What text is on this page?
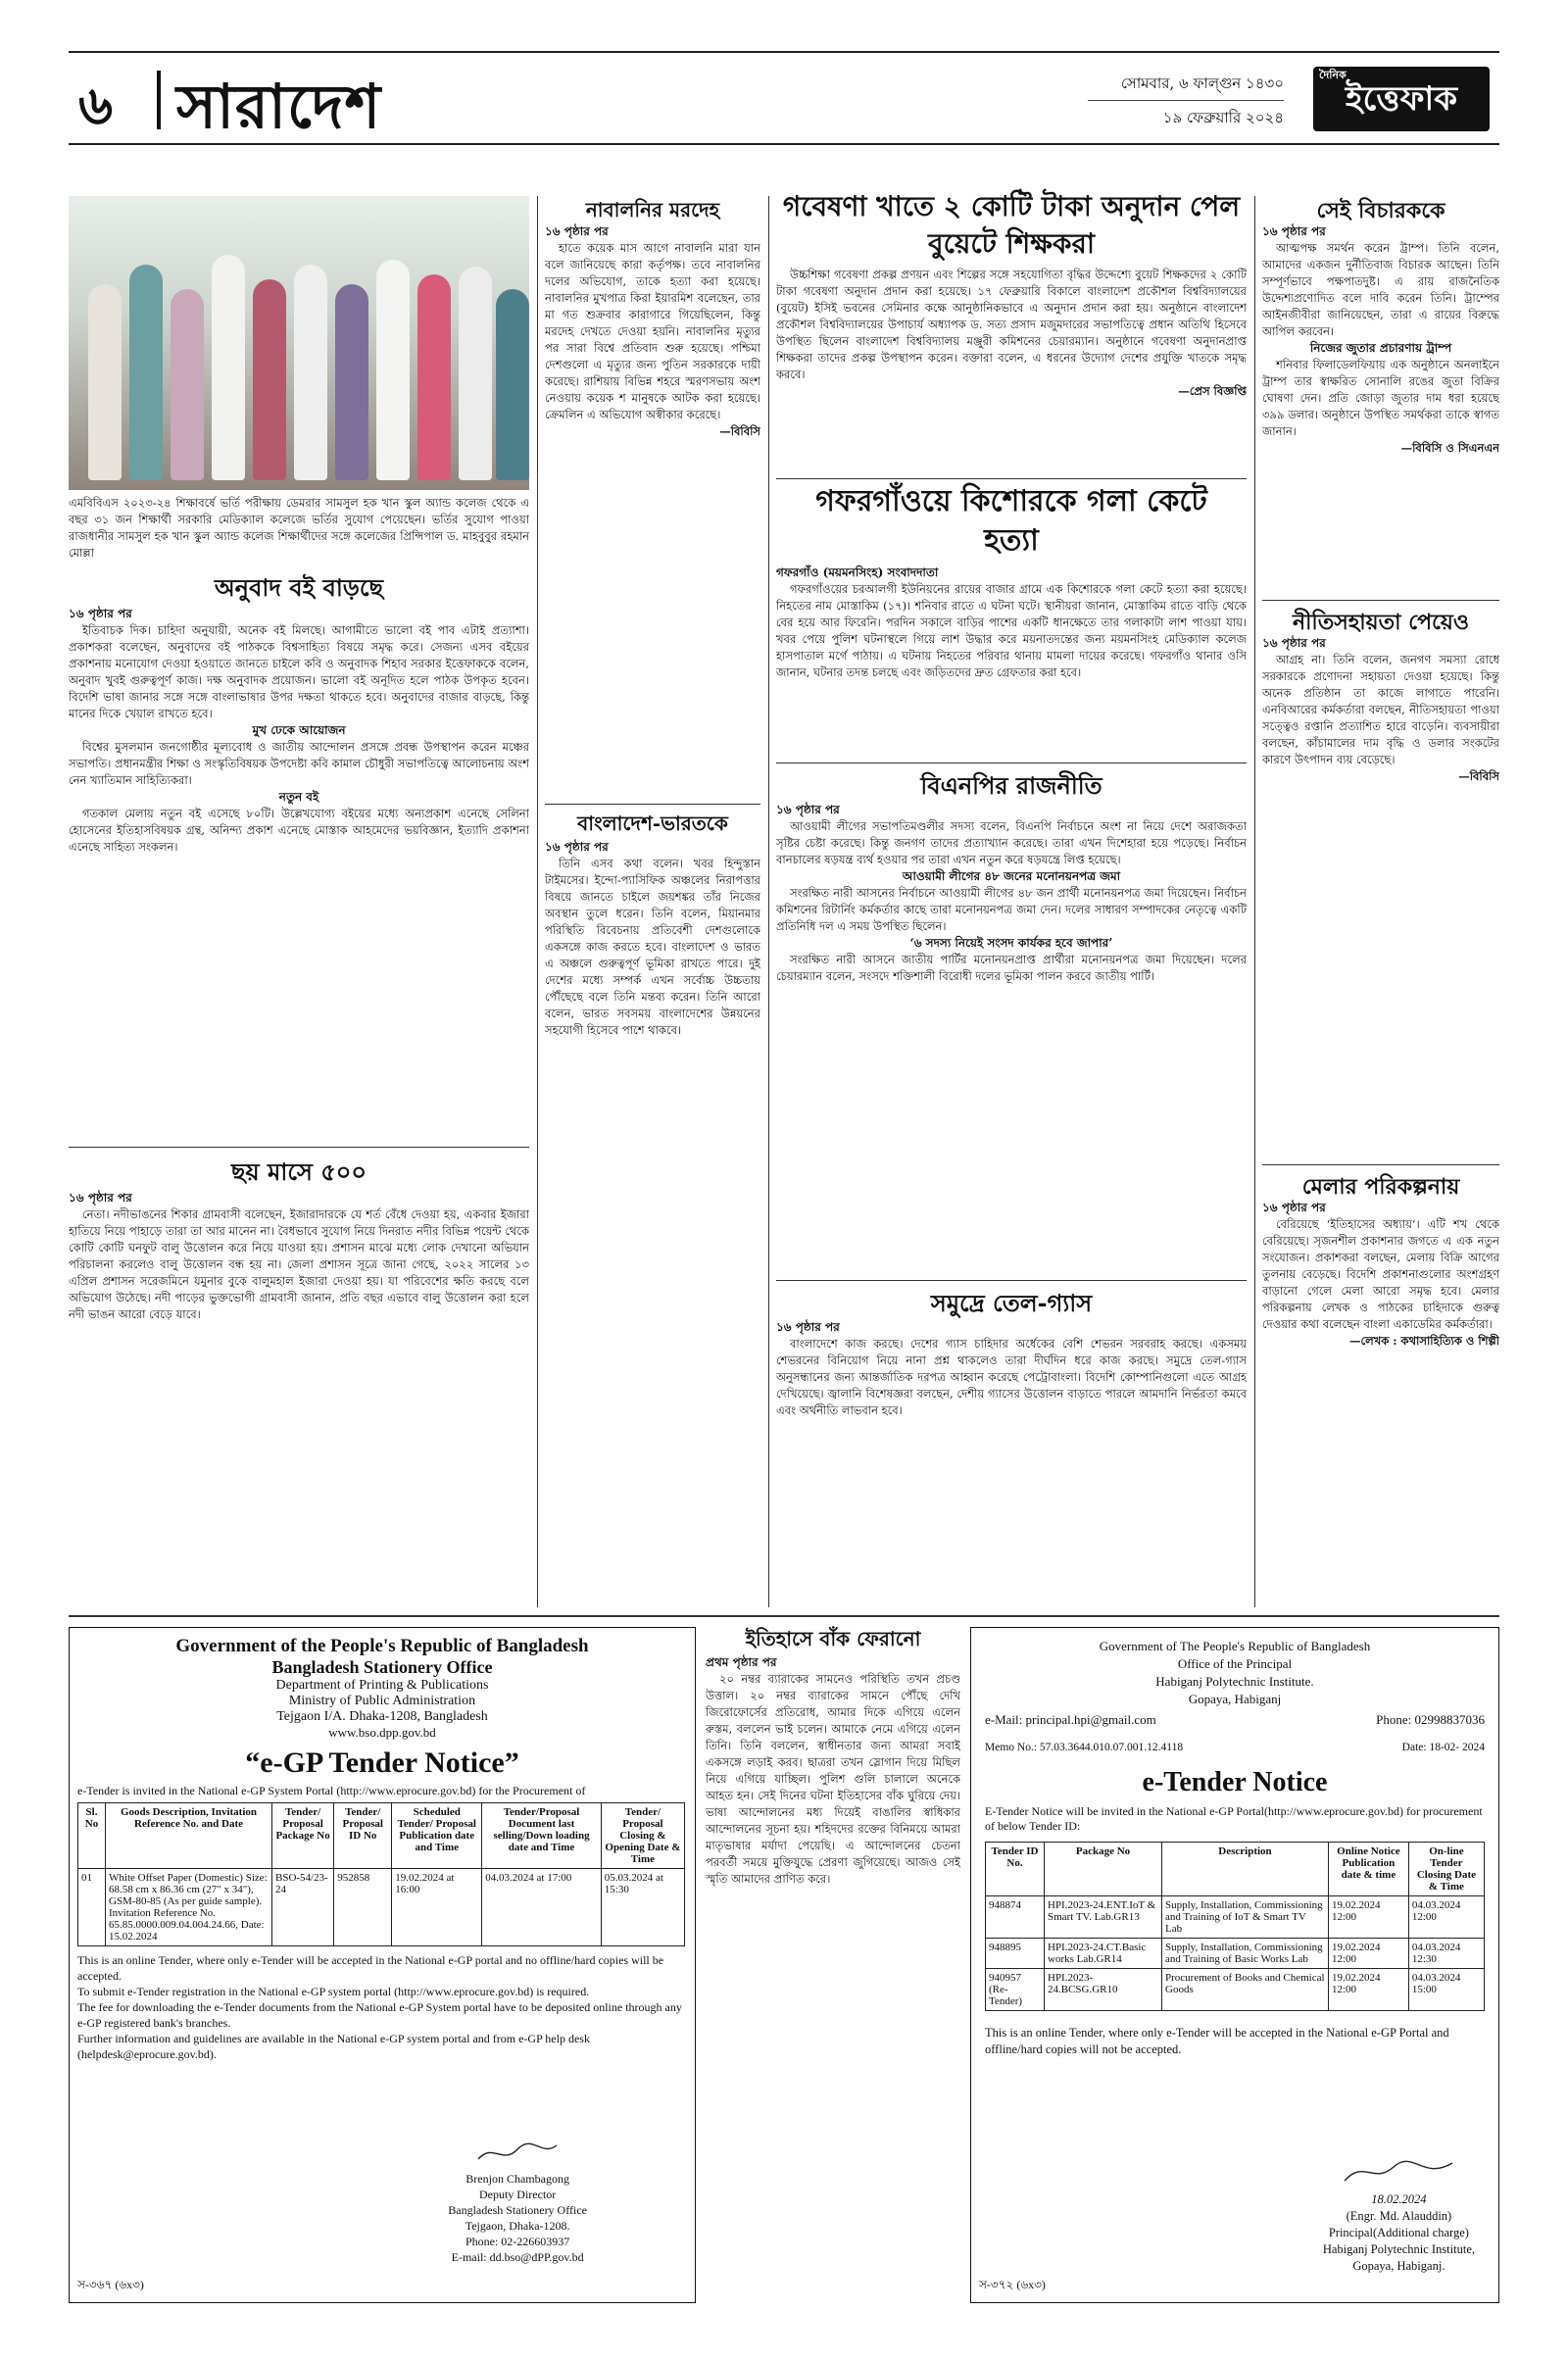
৬ সারাদেশ	সোমবার, ৬ ফাল্গুন ১৪৩০
১৯ ফেব্রুয়ারি ২০২৪
দৈনিক
ইত্তেফাক
এমবিবিএস ২০২৩-২৪ শিক্ষাবর্ষে ভর্তি পরীক্ষায় ডেমরার সামসুল হক খান স্কুল অ্যান্ড কলেজ থেকে এ বছর ৩১ জন শিক্ষার্থী সরকারি মেডিক্যাল কলেজে ভর্তির সুযোগ পেয়েছেন। ভর্তির সুযোগ পাওয়া রাজধানীর সামসুল হক খান স্কুল অ্যান্ড কলেজ শিক্ষার্থীদের সঙ্গে কলেজের প্রিন্সিপাল ড. মাহবুবুর রহমান মোল্লা
অনুবাদ বই বাড়ছে
১৬ পৃষ্ঠার পর

ইতিবাচক দিক। চাহিদা অনুযায়ী, অনেক বই মিলছে। আগামীতে ভালো বই পাব এটাই প্রত্যাশা। প্রকাশকরা বলেছেন, অনুবাদের বই পাঠককে বিশ্বসাহিত্য বিষয়ে সমৃদ্ধ করে। সেজন্য এসব বইয়ের প্রকাশনায় মনোযোগ দেওয়া হওয়াতে জানতে চাইলে কবি ও অনুবাদক শিহাব সরকার ইত্তেফাককে বলেন, অনুবাদ খুবই গুরুত্বপূর্ণ কাজ। দক্ষ অনুবাদক প্রয়োজন। ভালো বই অনূদিত হলে পাঠক উপকৃত হবেন। বিদেশি ভাষা জানার সঙ্গে সঙ্গে বাংলাভাষার উপর দক্ষতা থাকতে হবে। অনুবাদের বাজার বাড়ছে, কিন্তু মানের দিকে খেয়াল রাখতে হবে।

মুখ ঢেকে আয়োজন

বিশ্বের মুসলমান জনগোষ্ঠীর মূল্যবোধ ও জাতীয় আন্দোলন প্রসঙ্গে প্রবন্ধ উপস্থাপন করেন মঞ্চের সভাপতি। প্রধানমন্ত্রীর শিক্ষা ও সংস্কৃতিবিষয়ক উপদেষ্টা কবি কামাল চৌধুরী সভাপতিত্বে আলোচনায় অংশ নেন খ্যাতিমান সাহিত্যিকরা।

নতুন বই

গতকাল মেলায় নতুন বই এসেছে ৮০টি। উল্লেখযোগ্য বইয়ের মধ্যে অন্যপ্রকাশ এনেছে সেলিনা হোসেনের ইতিহাসবিষয়ক গ্রন্থ, অনিন্দ্য প্রকাশ এনেছে মোস্তাক আহমেদের ভয়বিজ্ঞান, ইত্যাদি প্রকাশনা এনেছে সাহিত্য সংকলন।

ছয় মাসে ৫০০
১৬ পৃষ্ঠার পর

নেতা। নদীভাঙনের শিকার গ্রামবাসী বলেছেন, ইজারাদারকে যে শর্ত বেঁধে দেওয়া হয়, একবার ইজারা হাতিয়ে নিয়ে পাহাড়ে তারা তা আর মানেন না। বৈধভাবে সুযোগ নিয়ে দিনরাত নদীর বিভিন্ন পয়েন্ট থেকে কোটি কোটি ঘনফুট বালু উত্তোলন করে নিয়ে যাওয়া হয়। প্রশাসন মাঝে মধ্যে লোক দেখানো অভিযান পরিচালনা করলেও বালু উত্তোলন বন্ধ হয় না। জেলা প্রশাসন সূত্রে জানা গেছে, ২০২২ সালের ১৩ এপ্রিল প্রশাসন সরেজমিনে যমুনার বুকে বালুমহাল ইজারা দেওয়া হয়। যা পরিবেশের ক্ষতি করছে বলে অভিযোগ উঠেছে। নদী পাড়ের ভুক্তভোগী গ্রামবাসী জানান, প্রতি বছর এভাবে বালু উত্তোলন করা হলে নদী ভাঙন আরো বেড়ে যাবে।

নাবালনির মরদেহ
১৬ পৃষ্ঠার পর

হাতে কয়েক মাস আগে নাবালনি মারা যান বলে জানিয়েছে কারা কর্তৃপক্ষ। তবে নাবালনির দলের অভিযোগ, তাকে হত্যা করা হয়েছে। নাবালনির মুখপাত্র কিরা ইয়ারমিশ বলেছেন, তার মা গত শুক্রবার কারাগারে গিয়েছিলেন, কিন্তু মরদেহ দেখতে দেওয়া হয়নি। নাবালনির মৃত্যুর পর সারা বিশ্বে প্রতিবাদ শুরু হয়েছে। পশ্চিমা দেশগুলো এ মৃত্যুর জন্য পুতিন সরকারকে দায়ী করেছে। রাশিয়ায় বিভিন্ন শহরে স্মরণসভায় অংশ নেওয়ায় কয়েক শ মানুষকে আটক করা হয়েছে। ক্রেমলিন এ অভিযোগ অস্বীকার করেছে।

—বিবিসি
বাংলাদেশ-ভারতকে
১৬ পৃষ্ঠার পর

তিনি এসব কথা বলেন। খবর হিন্দুস্তান টাইমসের। ইন্দো-প্যাসিফিক অঞ্চলের নিরাপত্তার বিষয়ে জানতে চাইলে জয়শঙ্কর তাঁর নিজের অবস্থান তুলে ধরেন। তিনি বলেন, মিয়ানমার পরিস্থিতি বিবেচনায় প্রতিবেশী দেশগুলোকে একসঙ্গে কাজ করতে হবে। বাংলাদেশ ও ভারত এ অঞ্চলে গুরুত্বপূর্ণ ভূমিকা রাখতে পারে। দুই দেশের মধ্যে সম্পর্ক এখন সর্বোচ্চ উচ্চতায় পৌঁছেছে বলে তিনি মন্তব্য করেন। তিনি আরো বলেন, ভারত সবসময় বাংলাদেশের উন্নয়নের সহযোগী হিসেবে পাশে থাকবে।

গবেষণা খাতে ২ কোটি টাকা অনুদান পেল বুয়েটে শিক্ষকরা

উচ্চশিক্ষা গবেষণা প্রকল্প প্রণয়ন এবং শিল্পের সঙ্গে সহযোগিতা বৃদ্ধির উদ্দেশ্যে বুয়েট শিক্ষকদের ২ কোটি টাকা গবেষণা অনুদান প্রদান করা হয়েছে। ১৭ ফেব্রুয়ারি বিকালে বাংলাদেশ প্রকৌশল বিশ্ববিদ্যালয়ের (বুয়েট) ইসিই ভবনের সেমিনার কক্ষে আনুষ্ঠানিকভাবে এ অনুদান প্রদান করা হয়। অনুষ্ঠানে বাংলাদেশ প্রকৌশল বিশ্ববিদ্যালয়ের উপাচার্য অধ্যাপক ড. সত্য প্রসাদ মজুমদারের সভাপতিত্বে প্রধান অতিথি হিসেবে উপস্থিত ছিলেন বাংলাদেশ বিশ্ববিদ্যালয় মঞ্জুরী কমিশনের চেয়ারম্যান। অনুষ্ঠানে গবেষণা অনুদানপ্রাপ্ত শিক্ষকরা তাদের প্রকল্প উপস্থাপন করেন। বক্তারা বলেন, এ ধরনের উদ্যোগ দেশের প্রযুক্তি খাতকে সমৃদ্ধ করবে।

—প্রেস বিজ্ঞপ্তি
গফরগাঁওয়ে কিশোরকে গলা কেটে হত্যা
গফরগাঁও (ময়মনসিংহ) সংবাদদাতা

গফরগাঁওয়ের চরআলগী ইউনিয়নের রায়ের বাজার গ্রামে এক কিশোরকে গলা কেটে হত্যা করা হয়েছে। নিহতের নাম মোস্তাকিম (১৭)। শনিবার রাতে এ ঘটনা ঘটে। স্থানীয়রা জানান, মোস্তাকিম রাতে বাড়ি থেকে বের হয়ে আর ফিরেনি। পরদিন সকালে বাড়ির পাশের একটি ধানক্ষেতে তার গলাকাটা লাশ পাওয়া যায়। খবর পেয়ে পুলিশ ঘটনাস্থলে গিয়ে লাশ উদ্ধার করে ময়নাতদন্তের জন্য ময়মনসিংহ মেডিক্যাল কলেজ হাসপাতাল মর্গে পাঠায়। এ ঘটনায় নিহতের পরিবার থানায় মামলা দায়ের করেছে। গফরগাঁও থানার ওসি জানান, ঘটনার তদন্ত চলছে এবং জড়িতদের দ্রুত গ্রেফতার করা হবে।

বিএনপির রাজনীতি
১৬ পৃষ্ঠার পর

আওয়ামী লীগের সভাপতিমণ্ডলীর সদস্য বলেন, বিএনপি নির্বাচনে অংশ না নিয়ে দেশে অরাজকতা সৃষ্টির চেষ্টা করেছে। কিন্তু জনগণ তাদের প্রত্যাখ্যান করেছে। তারা এখন দিশেহারা হয়ে পড়েছে। নির্বাচন বানচালের ষড়যন্ত্র ব্যর্থ হওয়ার পর তারা এখন নতুন করে ষড়যন্ত্রে লিপ্ত হয়েছে।

আওয়ামী লীগের ৪৮ জনের মনোনয়নপত্র জমা

সংরক্ষিত নারী আসনের নির্বাচনে আওয়ামী লীগের ৪৮ জন প্রার্থী মনোনয়নপত্র জমা দিয়েছেন। নির্বাচন কমিশনের রিটার্নিং কর্মকর্তার কাছে তারা মনোনয়নপত্র জমা দেন। দলের সাধারণ সম্পাদকের নেতৃত্বে একটি প্রতিনিধি দল এ সময় উপস্থিত ছিলেন।

‘৬ সদস্য নিয়েই সংসদ কার্যকর হবে জাপার’

সংরক্ষিত নারী আসনে জাতীয় পার্টির মনোনয়নপ্রাপ্ত প্রার্থীরা মনোনয়নপত্র জমা দিয়েছেন। দলের চেয়ারম্যান বলেন, সংসদে শক্তিশালী বিরোধী দলের ভূমিকা পালন করবে জাতীয় পার্টি।

সমুদ্রে তেল-গ্যাস
১৬ পৃষ্ঠার পর

বাংলাদেশে কাজ করছে। দেশের গ্যাস চাহিদার অর্ধেকের বেশি শেভরন সরবরাহ করছে। একসময় শেভরনের বিনিয়োগ নিয়ে নানা প্রশ্ন থাকলেও তারা দীর্ঘদিন ধরে কাজ করছে। সমুদ্রে তেল-গ্যাস অনুসন্ধানের জন্য আন্তর্জাতিক দরপত্র আহ্বান করেছে পেট্রোবাংলা। বিদেশি কোম্পানিগুলো এতে আগ্রহ দেখিয়েছে। জ্বালানি বিশেষজ্ঞরা বলছেন, দেশীয় গ্যাসের উত্তোলন বাড়াতে পারলে আমদানি নির্ভরতা কমবে এবং অর্থনীতি লাভবান হবে।

সেই বিচারককে
১৬ পৃষ্ঠার পর

আত্মপক্ষ সমর্থন করেন ট্রাম্প। তিনি বলেন, আমাদের একজন দুর্নীতিবাজ বিচারক আছেন। তিনি সম্পূর্ণভাবে পক্ষপাতদুষ্ট। এ রায় রাজনৈতিক উদ্দেশ্যপ্রণোদিত বলে দাবি করেন তিনি। ট্রাম্পের আইনজীবীরা জানিয়েছেন, তারা এ রায়ের বিরুদ্ধে আপিল করবেন।

নিজের জুতার প্রচারণায় ট্রাম্প

শনিবার ফিলাডেলফিয়ায় এক অনুষ্ঠানে অনলাইনে ট্রাম্প তার স্বাক্ষরিত সোনালি রঙের জুতা বিক্রির ঘোষণা দেন। প্রতি জোড়া জুতার দাম ধরা হয়েছে ৩৯৯ ডলার। অনুষ্ঠানে উপস্থিত সমর্থকরা তাকে স্বাগত জানান।

—বিবিসি ও সিএনএন
নীতিসহায়তা পেয়েও
১৬ পৃষ্ঠার পর

আগ্রহ না। তিনি বলেন, জনগণ সমস্যা রোধে সরকারকে প্রণোদনা সহায়তা দেওয়া হয়েছে। কিন্তু অনেক প্রতিষ্ঠান তা কাজে লাগাতে পারেনি। এনবিআরের কর্মকর্তারা বলছেন, নীতিসহায়তা পাওয়া সত্ত্বেও রপ্তানি প্রত্যাশিত হারে বাড়েনি। ব্যবসায়ীরা বলছেন, কাঁচামালের দাম বৃদ্ধি ও ডলার সংকটের কারণে উৎপাদন ব্যয় বেড়েছে।

—বিবিসি
মেলার পরিকল্পনায়
১৬ পৃষ্ঠার পর

বেরিয়েছে ‘ইতিহাসের অধ্যায়’। এটি শখ থেকে বেরিয়েছে। সৃজনশীল প্রকাশনার জগতে এ এক নতুন সংযোজন। প্রকাশকরা বলছেন, মেলায় বিক্রি আগের তুলনায় বেড়েছে। বিদেশি প্রকাশনাগুলোর অংশগ্রহণ বাড়ানো গেলে মেলা আরো সমৃদ্ধ হবে। মেলার পরিকল্পনায় লেখক ও পাঠকের চাহিদাকে গুরুত্ব দেওয়ার কথা বলেছেন বাংলা একাডেমির কর্মকর্তারা।

—লেখক : কথাসাহিত্যিক ও শিল্পী
Government of the People's Republic of Bangladesh
Bangladesh Stationery Office
Department of Printing & Publications
Ministry of Public Administration
Tejgaon I/A. Dhaka-1208, Bangladesh
www.bso.dpp.gov.bd
“e-GP Tender Notice”
e-Tender is invited in the National e-GP System Portal (http://www.eprocure.gov.bd) for the Procurement of
Sl. No	Goods Description, Invitation Reference No. and Date	Tender/ Proposal Package No	Tender/ Proposal ID No	Scheduled Tender/ Proposal Publication date and Time	Tender/Proposal Document last selling/Down loading date and Time	Tender/ Proposal Closing & Opening Date & Time
01	White Offset Paper (Domestic) Size: 68.58 cm x 86.36 cm (27" x 34"), GSM-80-85 (As per guide sample). Invitation Reference No. 65.85.0000.009.04.004.24.66, Date: 15.02.2024	BSO-54/23-24	952858	19.02.2024 at 16:00	04.03.2024 at 17:00	05.03.2024 at 15:30
This is an online Tender, where only e-Tender will be accepted in the National e-GP portal and no offline/hard copies will be accepted.
To submit e-Tender registration in the National e-GP system portal (http://www.eprocure.gov.bd) is required.
The fee for downloading the e-Tender documents from the National e-GP System portal have to be deposited online through any e-GP registered bank's branches.
Further information and guidelines are available in the National e-GP system portal and from e-GP help desk (helpdesk@eprocure.gov.bd).
Brenjon Chambagong
Deputy Director
Bangladesh Stationery Office
Tejgaon, Dhaka-1208.
Phone: 02-226603937
E-mail: dd.bso@dPP.gov.bd
স-৩৬৭ (৬x৩)
ইতিহাসে বাঁক ফেরানো
প্রথম পৃষ্ঠার পর

২০ নম্বর ব্যারাকের সামনেও পরিস্থিতি তখন প্রচণ্ড উত্তাল। ২০ নম্বর ব্যারাকের সামনে পৌঁছে দেখি জিরোফোর্সের প্রতিরোধ, আমার দিকে এগিয়ে এলেন রুস্তম, বললেন ভাই চলেন। আমাকে নেমে এগিয়ে এলেন তিনি। তিনি বললেন, স্বাধীনতার জন্য আমরা সবাই একসঙ্গে লড়াই করব। ছাত্ররা তখন স্লোগান দিয়ে মিছিল নিয়ে এগিয়ে যাচ্ছিল। পুলিশ গুলি চালালে অনেকে আহত হন। সেই দিনের ঘটনা ইতিহাসের বাঁক ঘুরিয়ে দেয়। ভাষা আন্দোলনের মধ্য দিয়েই বাঙালির স্বাধিকার আন্দোলনের সূচনা হয়। শহিদদের রক্তের বিনিময়ে আমরা মাতৃভাষার মর্যাদা পেয়েছি। এ আন্দোলনের চেতনা পরবর্তী সময়ে মুক্তিযুদ্ধে প্রেরণা জুগিয়েছে। আজও সেই স্মৃতি আমাদের প্রাণিত করে।

Government of The People's Republic of Bangladesh
Office of the Principal
Habiganj Polytechnic Institute.
Gopaya, Habiganj
e-Mail: principal.hpi@gmail.com	Phone: 02998837036
Memo No.: 57.03.3644.010.07.001.12.4118	Date: 18-02- 2024
e-Tender Notice
E-Tender Notice will be invited in the National e-GP Portal(http://www.eprocure.gov.bd) for procurement of below Tender ID:
Tender ID No.	Package No	Description	Online Notice Publication date & time	On-line Tender Closing Date & Time
948874	HPI.2023-24.ENT.IoT & Smart TV. Lab.GR13	Supply, Installation, Commissioning and Training of IoT & Smart TV Lab	19.02.2024 12:00	04.03.2024 12:00
948895	HPI.2023-24.CT.Basic works Lab.GR14	Supply, Installation, Commissioning and Training of Basic Works Lab	19.02.2024 12:00	04.03.2024 12:30
940957 (Re-Tender)	HPI.2023-24.BCSG.GR10	Procurement of Books and Chemical Goods	19.02.2024 12:00	04.03.2024 15:00
This is an online Tender, where only e-Tender will be accepted in the National e-GP Portal and offline/hard copies will not be accepted.
18.02.2024
(Engr. Md. Alauddin)
Principal(Additional charge)
Habiganj Polytechnic Institute,
Gopaya, Habiganj.
স-৩৭২ (৬x৩)
